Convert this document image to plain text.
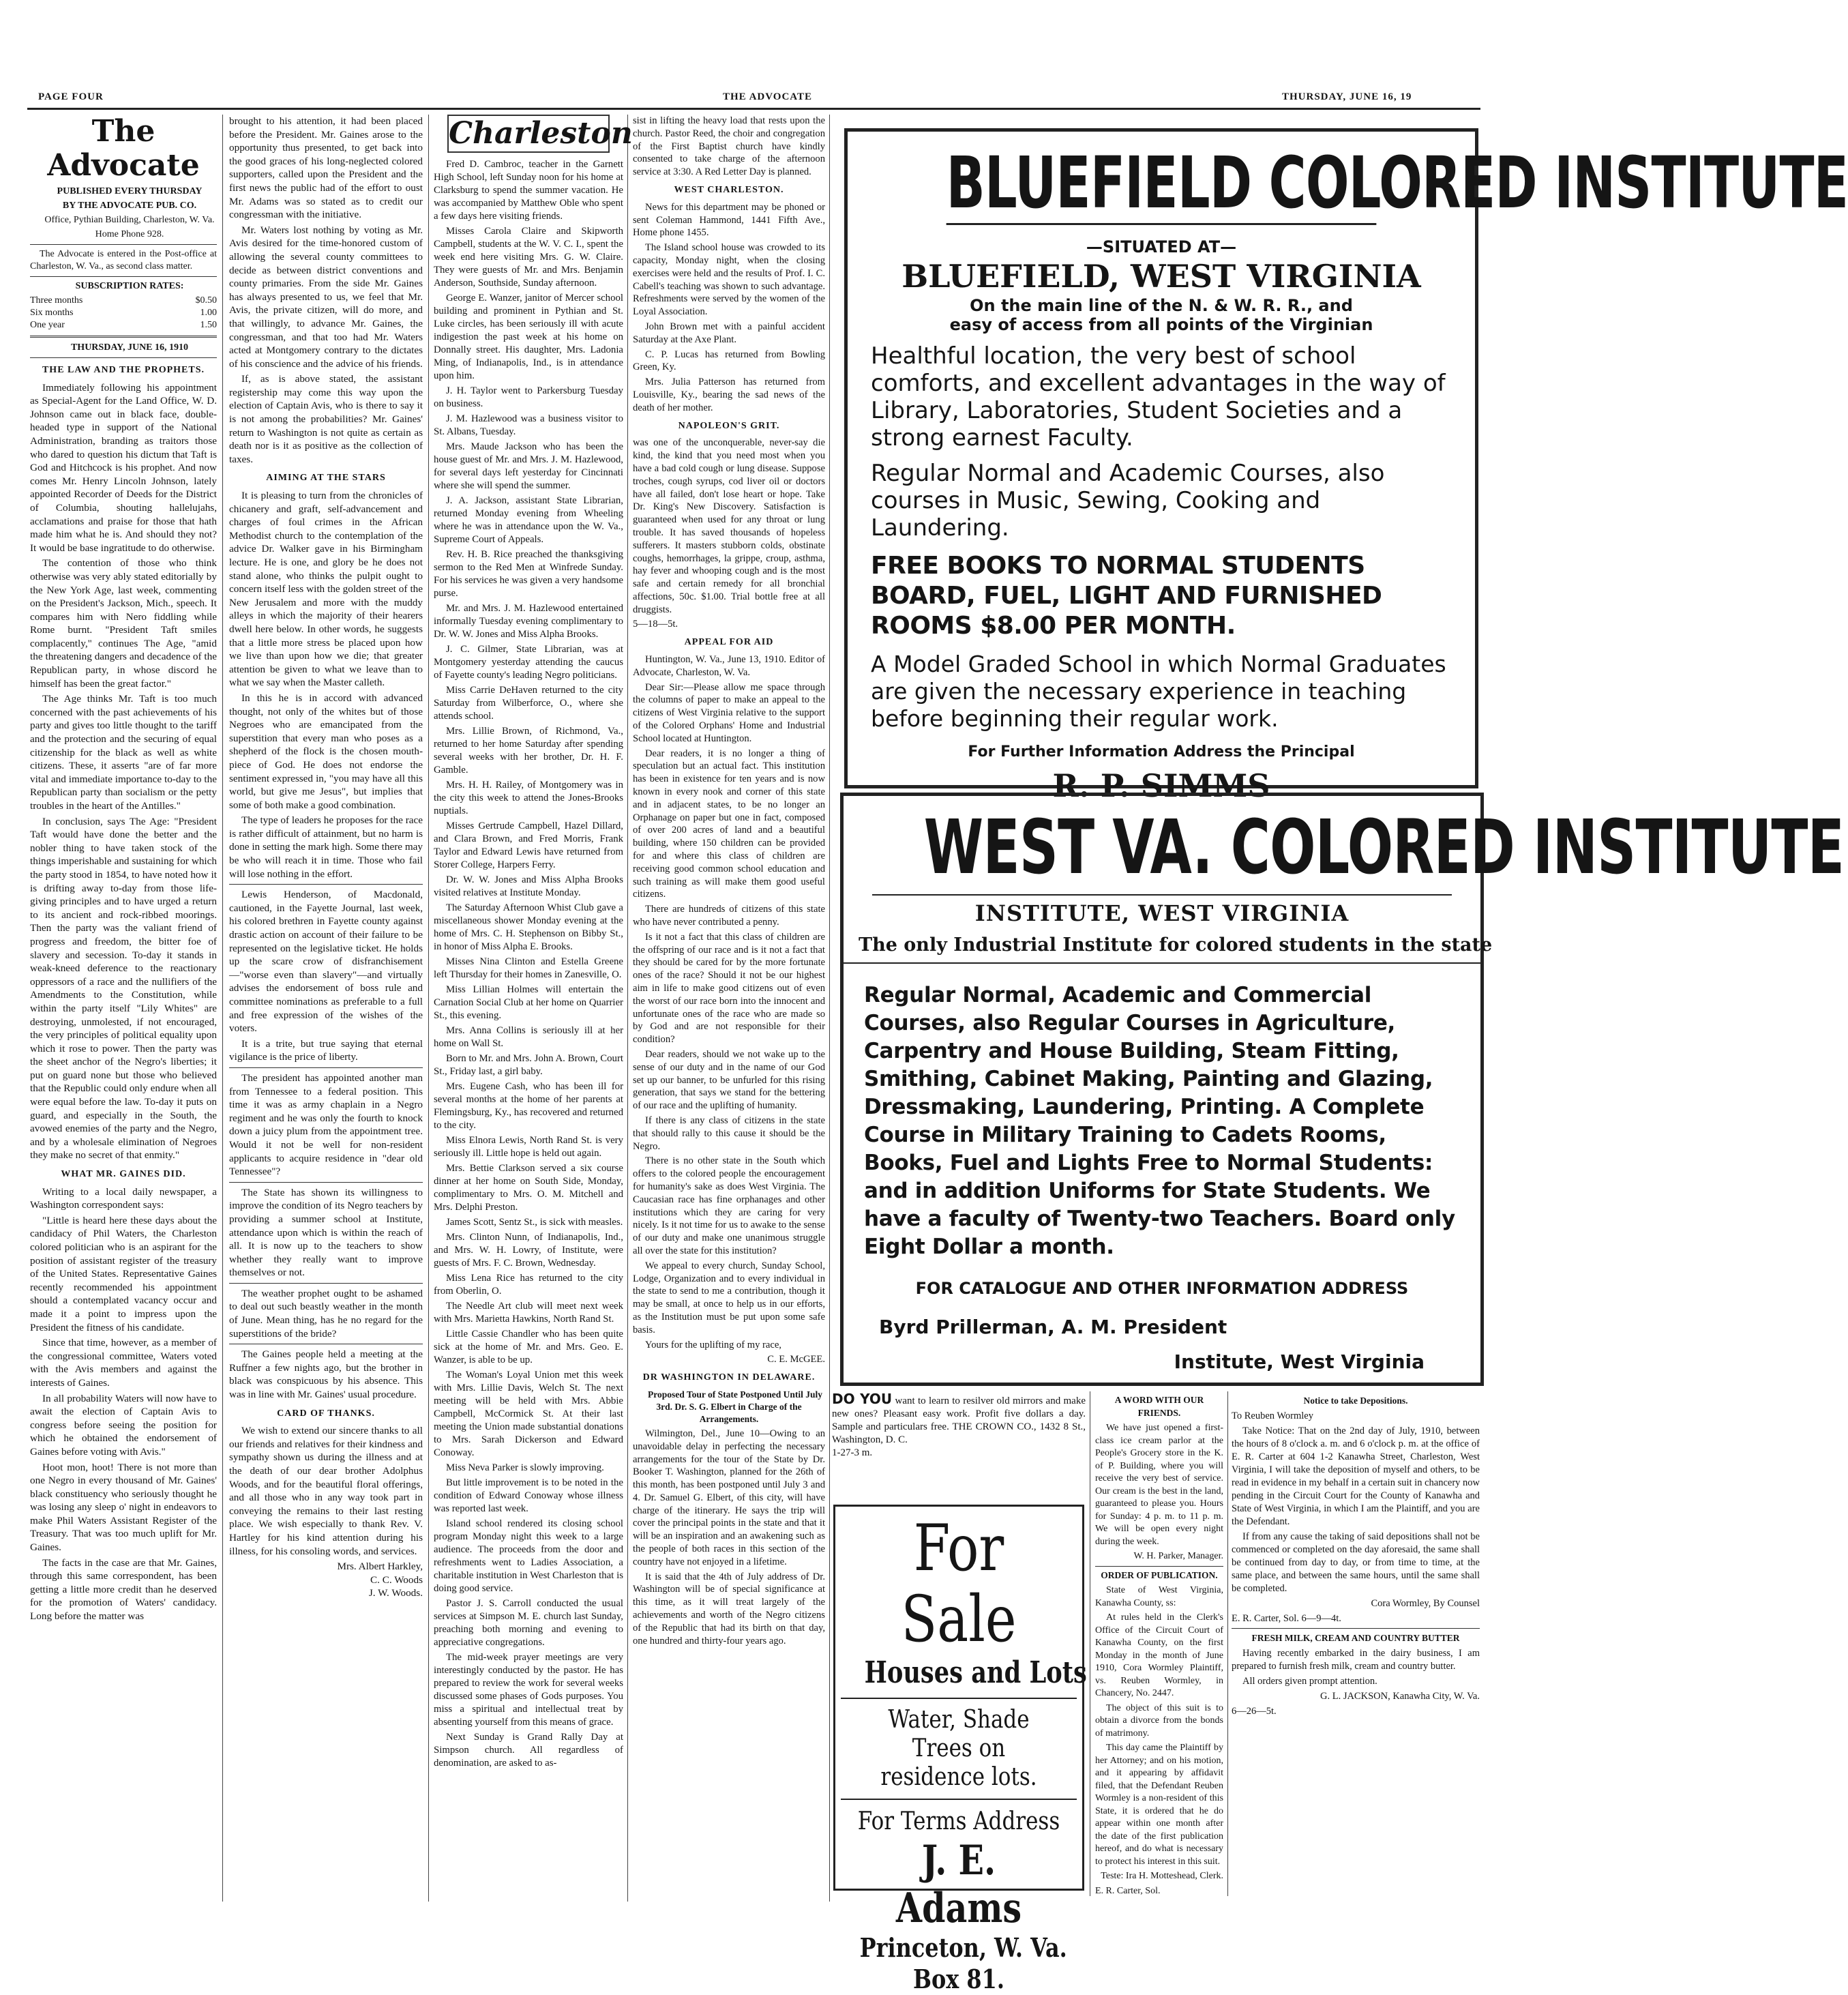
PAGE FOUR	THE ADVOCATE	THURSDAY, JUNE 16, 19
The Advocate

PUBLISHED EVERY THURSDAY

BY THE ADVOCATE PUB. CO.

Office, Pythian Building, Charleston, W. Va.

Home Phone 928.

The Advocate is entered in the Post-office at Charleston, W. Va., as second class matter.

SUBSCRIPTION RATES:

Three months	$0.50
Six months	1.00
One year	1.50

THURSDAY, JUNE 16, 1910

THE LAW AND THE PROPHETS.

Immediately following his appointment as Special-Agent for the Land Office, W. D. Johnson came out in black face, double-headed type in support of the National Administration, branding as traitors those who dared to question his dictum that Taft is God and Hitchcock is his prophet. And now comes Mr. Henry Lincoln Johnson, lately appointed Recorder of Deeds for the District of Columbia, shouting hallelujahs, acclamations and praise for those that hath made him what he is. And should they not? It would be base ingratitude to do otherwise.

The contention of those who think otherwise was very ably stated editorially by the New York Age, last week, commenting on the President's Jackson, Mich., speech. It compares him with Nero fiddling while Rome burnt. "President Taft smiles complacently," continues The Age, "amid the threatening dangers and decadence of the Republican party, in whose discord he himself has been the great factor."

The Age thinks Mr. Taft is too much concerned with the past achievements of his party and gives too little thought to the tariff and the protection and the securing of equal citizenship for the black as well as white citizens. These, it asserts "are of far more vital and immediate importance to-day to the Republican party than socialism or the petty troubles in the heart of the Antilles."

In conclusion, says The Age: "President Taft would have done the better and the nobler thing to have taken stock of the things imperishable and sustaining for which the party stood in 1854, to have noted how it is drifting away to-day from those life-giving principles and to have urged a return to its ancient and rock-ribbed moorings. Then the party was the valiant friend of progress and freedom, the bitter foe of slavery and secession. To-day it stands in weak-kneed deference to the reactionary oppressors of a race and the nullifiers of the Amendments to the Constitution, while within the party itself "Lily Whites" are destroying, unmolested, if not encouraged, the very principles of political equality upon which it rose to power. Then the party was the sheet anchor of the Negro's liberties; it put on guard none but those who believed that the Republic could only endure when all were equal before the law. To-day it puts on guard, and especially in the South, the avowed enemies of the party and the Negro, and by a wholesale elimination of Negroes they make no secret of that enmity."

WHAT MR. GAINES DID.

Writing to a local daily newspaper, a Washington correspondent says:

"Little is heard here these days about the candidacy of Phil Waters, the Charleston colored politician who is an aspirant for the position of assistant register of the treasury of the United States. Representative Gaines recently recommended his appointment should a contemplated vacancy occur and made it a point to impress upon the President the fitness of his candidate.

Since that time, however, as a member of the congressional committee, Waters voted with the Avis members and against the interests of Gaines.

In all probability Waters will now have to await the election of Captain Avis to congress before seeing the position for which he obtained the endorsement of Gaines before voting with Avis."

Hoot mon, hoot! There is not more than one Negro in every thousand of Mr. Gaines' black constituency who seriously thought he was losing any sleep o' night in endeavors to make Phil Waters Assistant Register of the Treasury. That was too much uplift for Mr. Gaines.

The facts in the case are that Mr. Gaines, through this same correspondent, has been getting a little more credit than he deserved for the promotion of Waters' candidacy. Long before the matter was

brought to his attention, it had been placed before the President. Mr. Gaines arose to the opportunity thus presented, to get back into the good graces of his long-neglected colored supporters, called upon the President and the first news the public had of the effort to oust Mr. Adams was so stated as to credit our congressman with the initiative.

Mr. Waters lost nothing by voting as Mr. Avis desired for the time-honored custom of allowing the several county committees to decide as between district conventions and county primaries. From the side Mr. Gaines has always presented to us, we feel that Mr. Avis, the private citizen, will do more, and that willingly, to advance Mr. Gaines, the congressman, and that too had Mr. Waters acted at Montgomery contrary to the dictates of his conscience and the advice of his friends.

If, as is above stated, the assistant registership may come this way upon the election of Captain Avis, who is there to say it is not among the probabilities? Mr. Gaines' return to Washington is not quite as certain as death nor is it as positive as the collection of taxes.

AIMING AT THE STARS

It is pleasing to turn from the chronicles of chicanery and graft, self-advancement and charges of foul crimes in the African Methodist church to the contemplation of the advice Dr. Walker gave in his Birmingham lecture. He is one, and glory be he does not stand alone, who thinks the pulpit ought to concern itself less with the golden street of the New Jerusalem and more with the muddy alleys in which the majority of their hearers dwell here below. In other words, he suggests that a little more stress be placed upon how we live than upon how we die; that greater attention be given to what we leave than to what we say when the Master calleth.

In this he is in accord with advanced thought, not only of the whites but of those Negroes who are emancipated from the superstition that every man who poses as a shepherd of the flock is the chosen mouth-piece of God. He does not endorse the sentiment expressed in, "you may have all this world, but give me Jesus", but implies that some of both make a good combination.

The type of leaders he proposes for the race is rather difficult of attainment, but no harm is done in setting the mark high. Some there may be who will reach it in time. Those who fail will lose nothing in the effort.

Lewis Henderson, of Macdonald, cautioned, in the Fayette Journal, last week, his colored brethren in Fayette county against drastic action on account of their failure to be represented on the legislative ticket. He holds up the scare crow of disfranchisement—"worse even than slavery"—and virtually advises the endorsement of boss rule and committee nominations as preferable to a full and free expression of the wishes of the voters.

It is a trite, but true saying that eternal vigilance is the price of liberty.

The president has appointed another man from Tennessee to a federal position. This time it was as army chaplain in a Negro regiment and he was only the fourth to knock down a juicy plum from the appointment tree. Would it not be well for non-resident applicants to acquire residence in "dear old Tennessee"?

The State has shown its willingness to improve the condition of its Negro teachers by providing a summer school at Institute, attendance upon which is within the reach of all. It is now up to the teachers to show whether they really want to improve themselves or not.

The weather prophet ought to be ashamed to deal out such beastly weather in the month of June. Mean thing, has he no regard for the superstitions of the bride?

The Gaines people held a meeting at the Ruffner a few nights ago, but the brother in black was conspicuous by his absence. This was in line with Mr. Gaines' usual procedure.

CARD OF THANKS.

We wish to extend our sincere thanks to all our friends and relatives for their kindness and sympathy shown us during the illness and at the death of our dear brother Adolphus Woods, and for the beautiful floral offerings, and all those who in any way took part in conveying the remains to their last resting place. We wish especially to thank Rev. V. Hartley for his kind attention during his illness, for his consoling words, and services.

Mrs. Albert Harkley,

C. C. Woods

J. W. Woods.

Charleston

Fred D. Cambroc, teacher in the Garnett High School, left Sunday noon for his home at Clarksburg to spend the summer vacation. He was accompanied by Matthew Oble who spent a few days here visiting friends.

Misses Carola Claire and Skipworth Campbell, students at the W. V. C. I., spent the week end here visiting Mrs. G. W. Claire. They were guests of Mr. and Mrs. Benjamin Anderson, Southside, Sunday afternoon.

George E. Wanzer, janitor of Mercer school building and prominent in Pythian and St. Luke circles, has been seriously ill with acute indigestion the past week at his home on Donnally street. His daughter, Mrs. Ladonia Ming, of Indianapolis, Ind., is in attendance upon him.

J. H. Taylor went to Parkersburg Tuesday on business.

J. M. Hazlewood was a business visitor to St. Albans, Tuesday.

Mrs. Maude Jackson who has been the house guest of Mr. and Mrs. J. M. Hazlewood, for several days left yesterday for Cincinnati where she will spend the summer.

J. A. Jackson, assistant State Librarian, returned Monday evening from Wheeling where he was in attendance upon the W. Va., Supreme Court of Appeals.

Rev. H. B. Rice preached the thanksgiving sermon to the Red Men at Winfrede Sunday. For his services he was given a very handsome purse.

Mr. and Mrs. J. M. Hazlewood entertained informally Tuesday evening complimentary to Dr. W. W. Jones and Miss Alpha Brooks.

J. C. Gilmer, State Librarian, was at Montgomery yesterday attending the caucus of Fayette county's leading Negro politicians.

Miss Carrie DeHaven returned to the city Saturday from Wilberforce, O., where she attends school.

Mrs. Lillie Brown, of Richmond, Va., returned to her home Saturday after spending several weeks with her brother, Dr. H. F. Gamble.

Mrs. H. H. Railey, of Montgomery was in the city this week to attend the Jones-Brooks nuptials.

Misses Gertrude Campbell, Hazel Dillard, and Clara Brown, and Fred Morris, Frank Taylor and Edward Lewis have returned from Storer College, Harpers Ferry.

Dr. W. W. Jones and Miss Alpha Brooks visited relatives at Institute Monday.

The Saturday Afternoon Whist Club gave a miscellaneous shower Monday evening at the home of Mrs. C. H. Stephenson on Bibby St., in honor of Miss Alpha E. Brooks.

Misses Nina Clinton and Estella Greene left Thursday for their homes in Zanesville, O.

Miss Lillian Holmes will entertain the Carnation Social Club at her home on Quarrier St., this evening.

Mrs. Anna Collins is seriously ill at her home on Wall St.

Born to Mr. and Mrs. John A. Brown, Court St., Friday last, a girl baby.

Mrs. Eugene Cash, who has been ill for several months at the home of her parents at Flemingsburg, Ky., has recovered and returned to the city.

Miss Elnora Lewis, North Rand St. is very seriously ill. Little hope is held out again.

Mrs. Bettie Clarkson served a six course dinner at her home on South Side, Monday, complimentary to Mrs. O. M. Mitchell and Mrs. Delphi Preston.

James Scott, Sentz St., is sick with measles.

Mrs. Clinton Nunn, of Indianapolis, Ind., and Mrs. W. H. Lowry, of Institute, were guests of Mrs. F. C. Brown, Wednesday.

Miss Lena Rice has returned to the city from Oberlin, O.

The Needle Art club will meet next week with Mrs. Marietta Hawkins, North Rand St.

Little Cassie Chandler who has been quite sick at the home of Mr. and Mrs. Geo. E. Wanzer, is able to be up.

The Woman's Loyal Union met this week with Mrs. Lillie Davis, Welch St. The next meeting will be held with Mrs. Abbie Campbell, McCormick St. At their last meeting the Union made substantial donations to Mrs. Sarah Dickerson and Edward Conoway.

Miss Neva Parker is slowly improving.

But little improvement is to be noted in the condition of Edward Conoway whose illness was reported last week.

Island school rendered its closing school program Monday night this week to a large audience. The proceeds from the door and refreshments went to Ladies Association, a charitable institution in West Charleston that is doing good service.

Pastor J. S. Carroll conducted the usual services at Simpson M. E. church last Sunday, preaching both morning and evening to appreciative congregations.

The mid-week prayer meetings are very interestingly conducted by the pastor. He has prepared to review the work for several weeks discussed some phases of Gods purposes. You miss a spiritual and intellectual treat by absenting yourself from this means of grace.

Next Sunday is Grand Rally Day at Simpson church. All regardless of denomination, are asked to as-

sist in lifting the heavy load that rests upon the church. Pastor Reed, the choir and congregation of the First Baptist church have kindly consented to take charge of the afternoon service at 3:30. A Red Letter Day is planned.

WEST CHARLESTON.

News for this department may be phoned or sent Coleman Hammond, 1441 Fifth Ave., Home phone 1455.

The Island school house was crowded to its capacity, Monday night, when the closing exercises were held and the results of Prof. I. C. Cabell's teaching was shown to such advantage. Refreshments were served by the women of the Loyal Association.

John Brown met with a painful accident Saturday at the Axe Plant.

C. P. Lucas has returned from Bowling Green, Ky.

Mrs. Julia Patterson has returned from Louisville, Ky., bearing the sad news of the death of her mother.

NAPOLEON'S GRIT.

was one of the unconquerable, never-say die kind, the kind that you need most when you have a bad cold cough or lung disease. Suppose troches, cough syrups, cod liver oil or doctors have all failed, don't lose heart or hope. Take Dr. King's New Discovery. Satisfaction is guaranteed when used for any throat or lung trouble. It has saved thousands of hopeless sufferers. It masters stubborn colds, obstinate coughs, hemorrhages, la grippe, croup, asthma, hay fever and whooping cough and is the most safe and certain remedy for all bronchial affections, 50c. $1.00. Trial bottle free at all druggists.

5—18—5t.

APPEAL FOR AID

Huntington, W. Va., June 13, 1910. Editor of Advocate, Charleston, W. Va.

Dear Sir:—Please allow me space through the columns of paper to make an appeal to the citizens of West Virginia relative to the support of the Colored Orphans' Home and Industrial School located at Huntington.

Dear readers, it is no longer a thing of speculation but an actual fact. This institution has been in existence for ten years and is now known in every nook and corner of this state and in adjacent states, to be no longer an Orphanage on paper but one in fact, composed of over 200 acres of land and a beautiful building, where 150 children can be provided for and where this class of children are receiving good common school education and such training as will make them good useful citizens.

There are hundreds of citizens of this state who have never contributed a penny.

Is it not a fact that this class of children are the offspring of our race and is it not a fact that they should be cared for by the more fortunate ones of the race? Should it not be our highest aim in life to make good citizens out of even the worst of our race born into the innocent and unfortunate ones of the race who are made so by God and are not responsible for their condition?

Dear readers, should we not wake up to the sense of our duty and in the name of our God set up our banner, to be unfurled for this rising generation, that says we stand for the bettering of our race and the uplifting of humanity.

If there is any class of citizens in the state that should rally to this cause it should be the Negro.

There is no other state in the South which offers to the colored people the encouragement for humanity's sake as does West Virginia. The Caucasian race has fine orphanages and other institutions which they are caring for very nicely. Is it not time for us to awake to the sense of our duty and make one unanimous struggle all over the state for this institution?

We appeal to every church, Sunday School, Lodge, Organization and to every individual in the state to send to me a contribution, though it may be small, at once to help us in our efforts, as the Institution must be put upon some safe basis.

Yours for the uplifting of my race,

C. E. McGEE.

DR WASHINGTON IN DELAWARE.

Proposed Tour of State Postponed Until July 3rd. Dr. S. G. Elbert in Charge of the Arrangements.

Wilmington, Del., June 10—Owing to an unavoidable delay in perfecting the necessary arrangements for the tour of the State by Dr. Booker T. Washington, planned for the 26th of this month, has been postponed until July 3 and 4. Dr. Samuel G. Elbert, of this city, will have charge of the itinerary. He says the trip will cover the principal points in the state and that it will be an inspiration and an awakening such as the people of both races in this section of the country have not enjoyed in a lifetime.

It is said that the 4th of July address of Dr. Washington will be of special significance at this time, as it will treat largely of the achievements and worth of the Negro citizens of the Republic that had its birth on that day, one hundred and thirty-four years ago.

BLUEFIELD COLORED INSTITUTE

—SITUATED AT—

BLUEFIELD, WEST VIRGINIA

On the main line of the N. & W. R. R., and

easy of access from all points of the Virginian

Healthful location, the very best of school comforts, and excellent advantages in the way of Library, Laboratories, Student Societies and a strong earnest Faculty.

Regular Normal and Academic Courses, also courses in Music, Sewing, Cooking and Laundering.

FREE BOOKS TO NORMAL STUDENTS BOARD, FUEL, LIGHT AND FURNISHED ROOMS $8.00 PER MONTH.

A Model Graded School in which Normal Graduates are given the necessary experience in teaching before beginning their regular work.

For Further Information Address the Principal

R. P. SIMMS

WEST VA. COLORED INSTITUTE

INSTITUTE, WEST VIRGINIA

The only Industrial Institute for colored students in the state

Regular Normal, Academic and Commercial Courses, also Regular Courses in Agriculture, Carpentry and House Building, Steam Fitting, Smithing, Cabinet Making, Painting and Glazing, Dressmaking, Laundering, Printing. A Complete Course in Military Training to Cadets Rooms, Books, Fuel and Lights Free to Normal Students: and in addition Uniforms for State Students. We have a faculty of Twenty-two Teachers. Board only Eight Dollar a month.

FOR CATALOGUE AND OTHER INFORMATION ADDRESS

Byrd Prillerman, A. M. President

Institute, West Virginia

DO YOU want to learn to resilver old mirrors and make new ones? Pleasant easy work. Profit five dollars a day. Sample and particulars free. THE CROWN CO., 1432 8 St., Washington, D. C.

1-27-3 m.

For Sale
Houses and Lots
Water, Shade Trees on residence lots.
For Terms Address
J. E. Adams
Princeton, W. Va.
Box 81.
A WORD WITH OUR FRIENDS.

We have just opened a first-class ice cream parlor at the People's Grocery store in the K. of P. Building, where you will receive the very best of service. Our cream is the best in the land, guaranteed to please you. Hours for Sunday: 4 p. m. to 11 p. m. We will be open every night during the week.

W. H. Parker, Manager.

ORDER OF PUBLICATION.

State of West Virginia, Kanawha County, ss:

At rules held in the Clerk's Office of the Circuit Court of Kanawha County, on the first Monday in the month of June 1910, Cora Wormley Plaintiff, vs. Reuben Wormley, in Chancery, No. 2447.

The object of this suit is to obtain a divorce from the bonds of matrimony.

This day came the Plaintiff by her Attorney; and on his motion, and it appearing by affidavit filed, that the Defendant Reuben Wormley is a non-resident of this State, it is ordered that he do appear within one month after the date of the first publication hereof, and do what is necessary to protect his interest in this suit.

Teste: Ira H. Motteshead, Clerk.

E. R. Carter, Sol.

Notice to take Depositions.

To Reuben Wormley

Take Notice: That on the 2nd day of July, 1910, between the hours of 8 o'clock a. m. and 6 o'clock p. m. at the office of E. R. Carter at 604 1-2 Kanawha Street, Charleston, West Virginia, I will take the deposition of myself and others, to be read in evidence in my behalf in a certain suit in chancery now pending in the Circuit Court for the County of Kanawha and State of West Virginia, in which I am the Plaintiff, and you are the Defendant.

If from any cause the taking of said depositions shall not be commenced or completed on the day aforesaid, the same shall be continued from day to day, or from time to time, at the same place, and between the same hours, until the same shall be completed.

Cora Wormley, By Counsel

E. R. Carter, Sol. 6—9—4t.

FRESH MILK, CREAM AND COUNTRY BUTTER

Having recently embarked in the dairy business, I am prepared to furnish fresh milk, cream and country butter.

All orders given prompt attention.

G. L. JACKSON, Kanawha City, W. Va.

6—26—5t.
